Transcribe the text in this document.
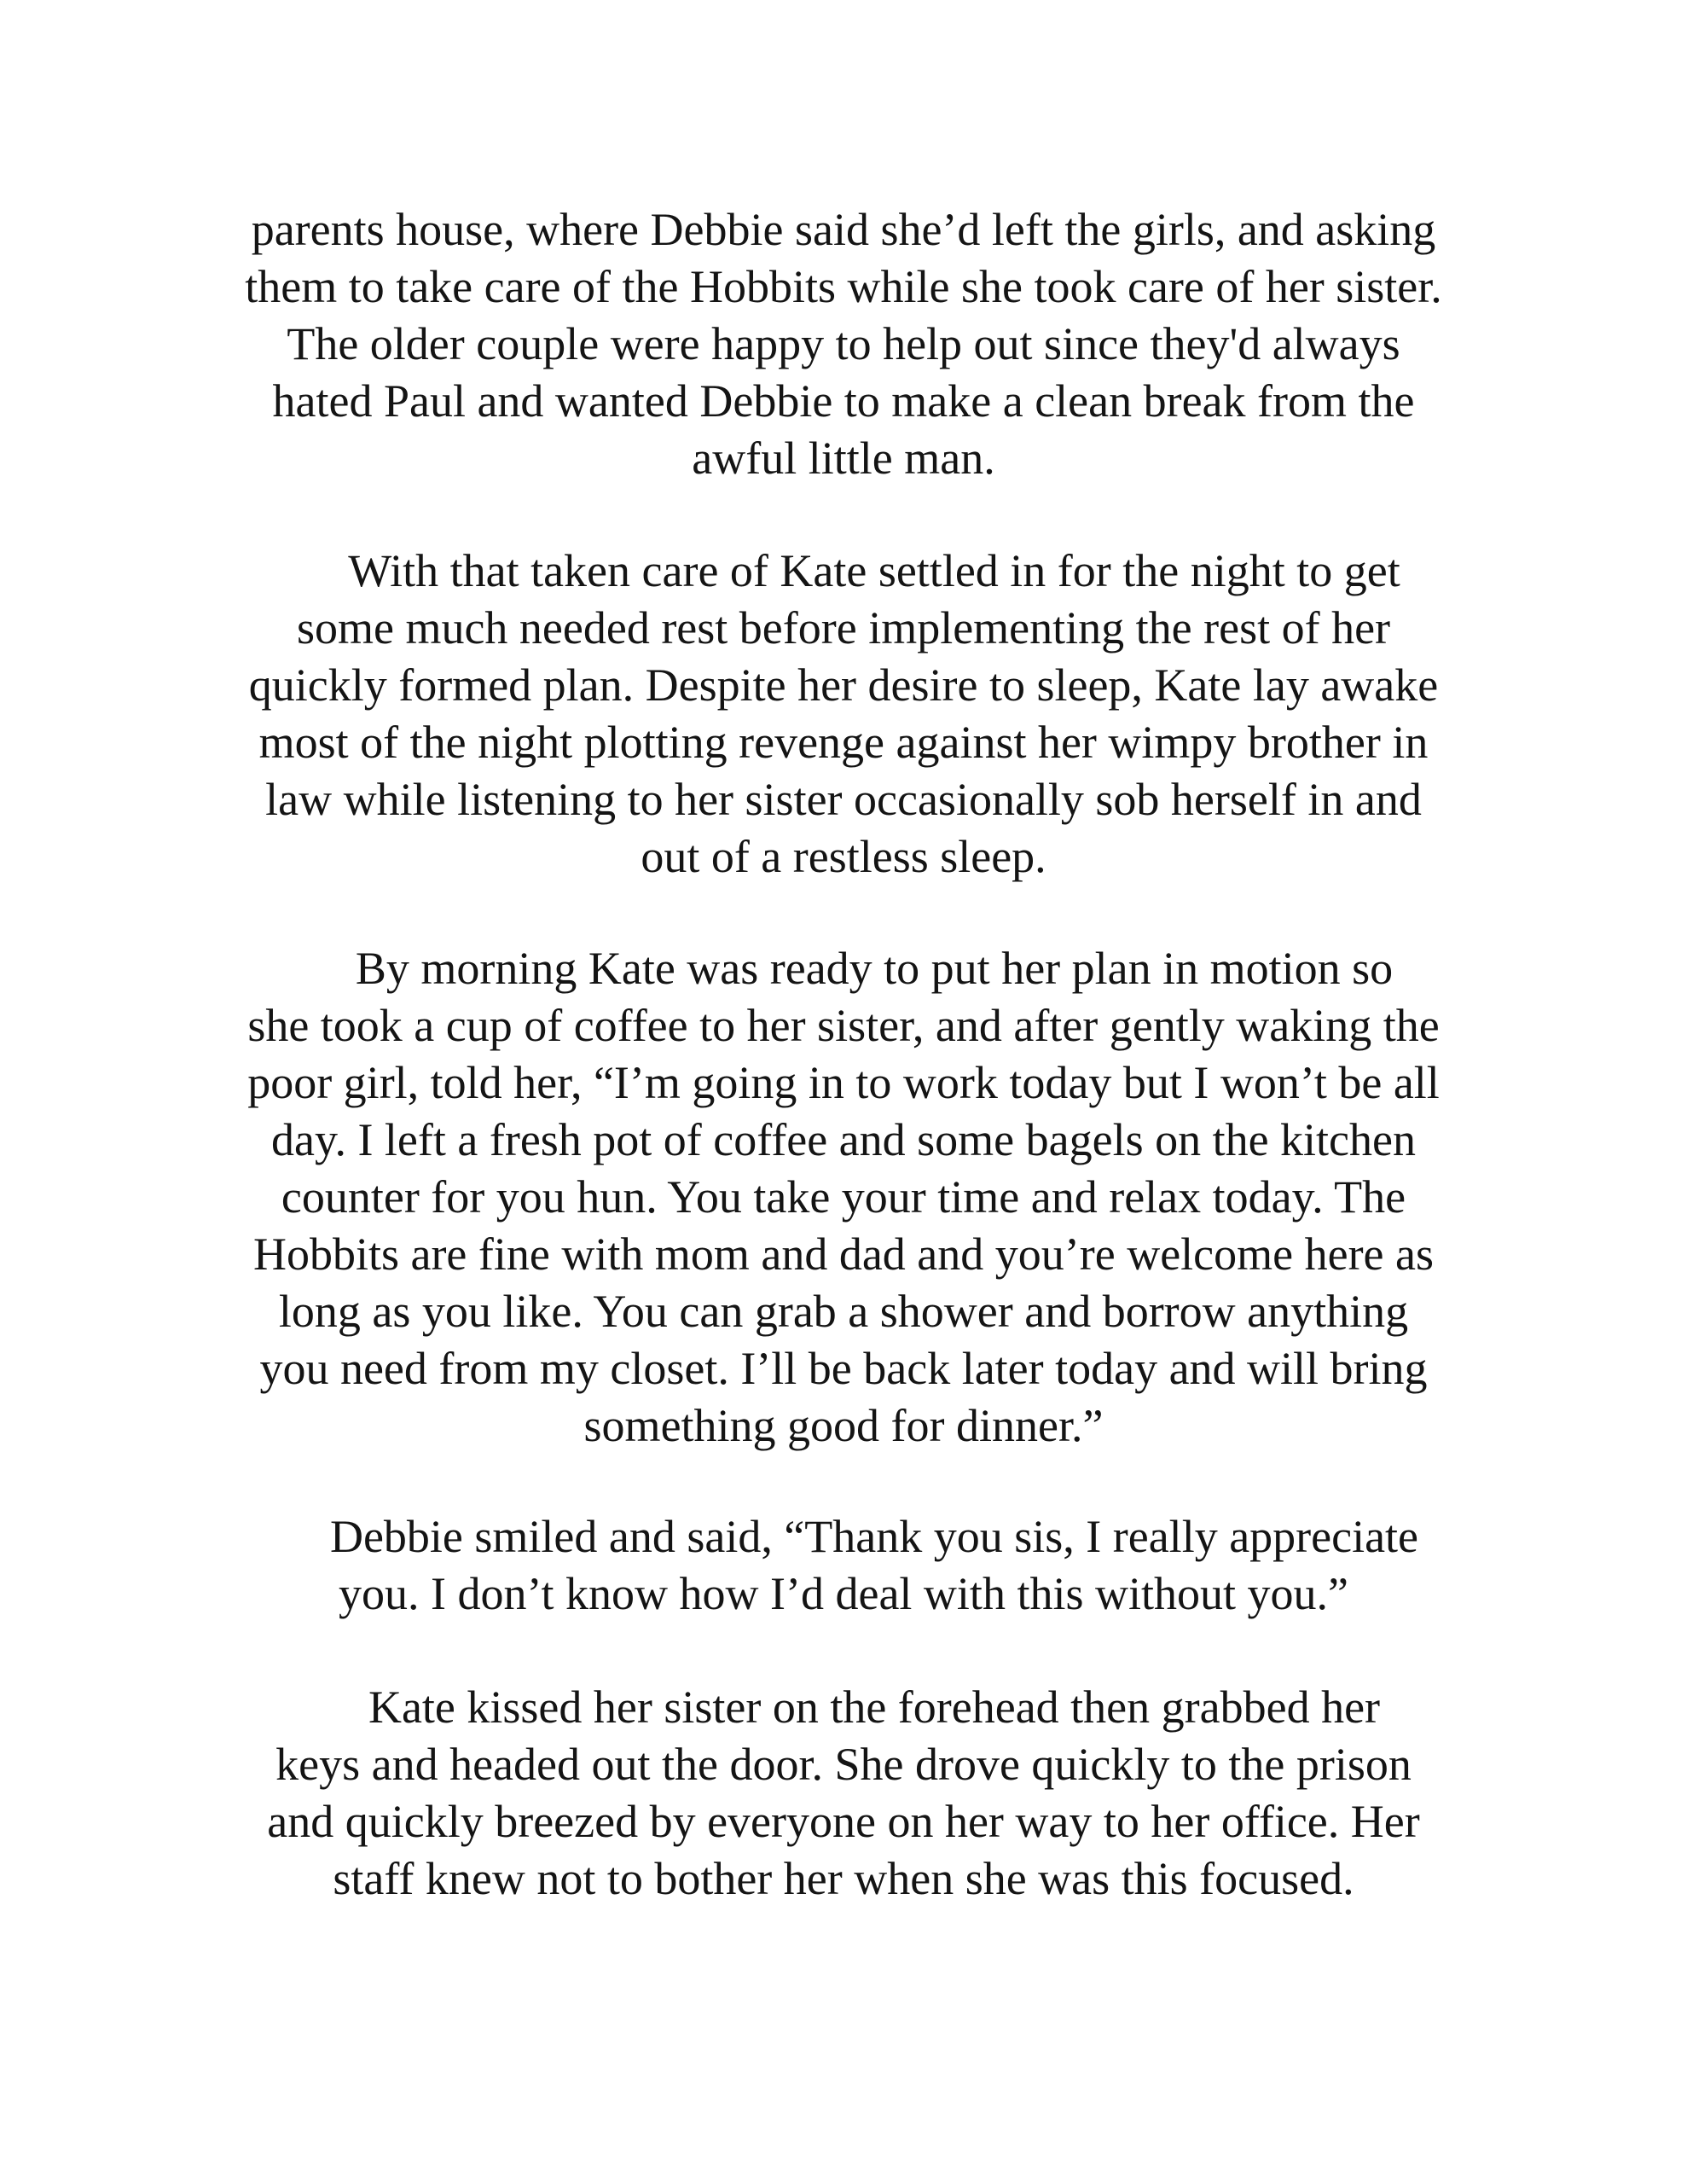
parents house, where Debbie said she’d left the girls, and asking
them to take care of the Hobbits while she took care of her sister.
The older couple were happy to help out since they'd always
hated Paul and wanted Debbie to make a clean break from the
awful little man.
With that taken care of Kate settled in for the night to get
some much needed rest before implementing the rest of her
quickly formed plan. Despite her desire to sleep, Kate lay awake
most of the night plotting revenge against her wimpy brother in
law while listening to her sister occasionally sob herself in and
out of a restless sleep.
By morning Kate was ready to put her plan in motion so
she took a cup of coffee to her sister, and after gently waking the
poor girl, told her, “I’m going in to work today but I won’t be all
day. I left a fresh pot of coffee and some bagels on the kitchen
counter for you hun. You take your time and relax today. The
Hobbits are fine with mom and dad and you’re welcome here as
long as you like. You can grab a shower and borrow anything
you need from my closet. I’ll be back later today and will bring
something good for dinner.”
Debbie smiled and said, “Thank you sis, I really appreciate
you. I don’t know how I’d deal with this without you.”
Kate kissed her sister on the forehead then grabbed her
keys and headed out the door. She drove quickly to the prison
and quickly breezed by everyone on her way to her office. Her
staff knew not to bother her when she was this focused.
